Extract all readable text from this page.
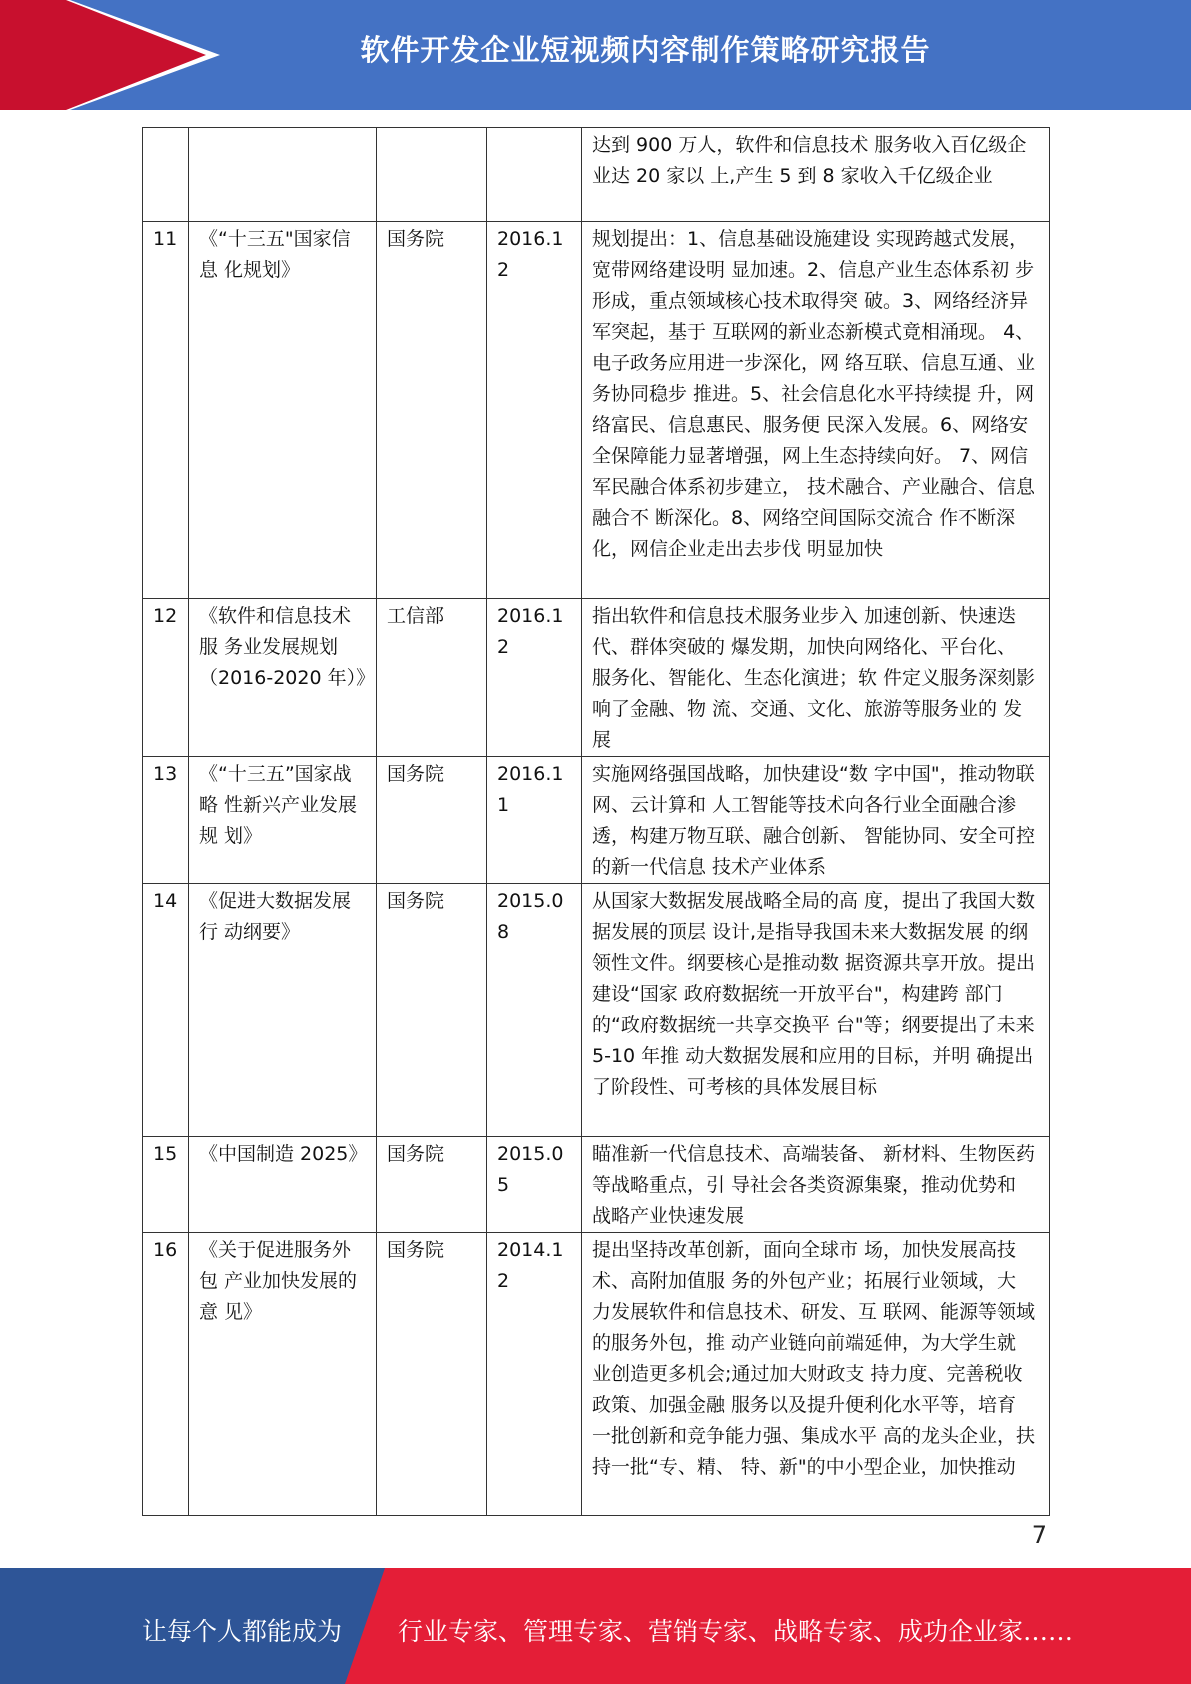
软件开发企业短视频内容制作策略研究报告
				达到 900 万人，软件和信息技术 服务收入百亿级企业达 20 家以 上,产生 5 到 8 家收入千亿级企业
11	《“十三五"国家信息 化规划》	国务院	2016.12	规划提出：1、信息基础设施建设 实现跨越式发展，宽带网络建设明 显加速。2、信息产业生态体系初 步形成，重点领域核心技术取得突 破。3、网络经济异军突起，基于 互联网的新业态新模式竟相涌现。 4、电子政务应用进一步深化，网 络互联、信息互通、业务协同稳步 推进。5、社会信息化水平持续提 升，网络富民、信息惠民、服务便 民深入发展。6、网络安全保障能力显著增强，网上生态持续向好。 7、网信军民融合体系初步建立， 技术融合、产业融合、信息融合不 断深化。8、网络空间国际交流合 作不断深化，网信企业走出去步伐 明显加快
12	《软件和信息技术服 务业发展规划（2016-2020 年）》	工信部	2016.12	指出软件和信息技术服务业步入 加速创新、快速迭代、群体突破的 爆发期，加快向网络化、平台化、 服务化、智能化、生态化演进；软 件定义服务深刻影响了金融、物 流、交通、文化、旅游等服务业的 发展
13	《“十三五”国家战略 性新兴产业发展规 划》	国务院	2016.11	实施网络强国战略，加快建设“数 字中国"，推动物联网、云计算和 人工智能等技术向各行业全面融合渗透，构建万物互联、融合创新、 智能协同、安全可控的新一代信息 技术产业体系
14	《促进大数据发展行 动纲要》	国务院	2015.08	从国家大数据发展战略全局的高 度，提出了我国大数据发展的顶层 设计,是指导我国未来大数据发展 的纲领性文件。纲要核心是推动数 据资源共享开放。提出建设“国家 政府数据统一开放平台"，构建跨 部门的“政府数据统一共享交换平 台"等；纲要提出了未来 5-10 年推 动大数据发展和应用的目标，并明 确提出了阶段性、可考核的具体发展目标
15	《中国制造 2025》	国务院	2015.05	瞄准新一代信息技术、高端装备、 新材料、生物医药等战略重点，引 导社会各类资源集聚，推动优势和 战略产业快速发展
16	《关于促进服务外包 产业加快发展的意 见》	国务院	2014.12	提出坚持改革创新，面向全球市 场，加快发展高技术、高附加值服 务的外包产业；拓展行业领域，大 力发展软件和信息技术、研发、互 联网、能源等领域的服务外包，推 动产业链向前端延伸，为大学生就 业创造更多机会;通过加大财政支 持力度、完善税收政策、加强金融 服务以及提升便利化水平等，培育 一批创新和竞争能力强、集成水平 高的龙头企业，扶持一批“专、精、 特、新"的中小型企业，加快推动
7
让每个人都能成为 行业专家、管理专家、营销专家、战略专家、成功企业家……
